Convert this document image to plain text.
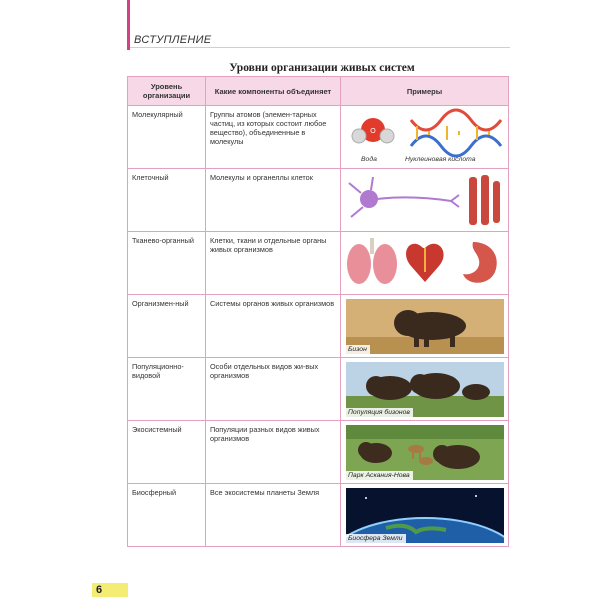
ВСТУПЛЕНИЕ
Уровни организации живых систем
Уровень организации	Какие компоненты объединяет	Примеры

Молекулярный	Группы атомов (элемен-тарных частиц, из которых состоит любое вещество), объединенные в молекулы	O
Вода Нуклеиновая кислота

Клеточный	Молекулы и органеллы клеток

Тканево-органный	Клетки, ткани и отдельные органы живых организмов

Организмен-ный	Системы органов живых организмов	Бизон

Популяционно-видовой	Особи отдельных видов жи-вых организмов	Популяция бизонов

Экосистемный	Популяции разных видов живых организмов	Парк Аскания-Нова

Биосферный	Все экосистемы планеты Земля	Биосфера Земли
6
